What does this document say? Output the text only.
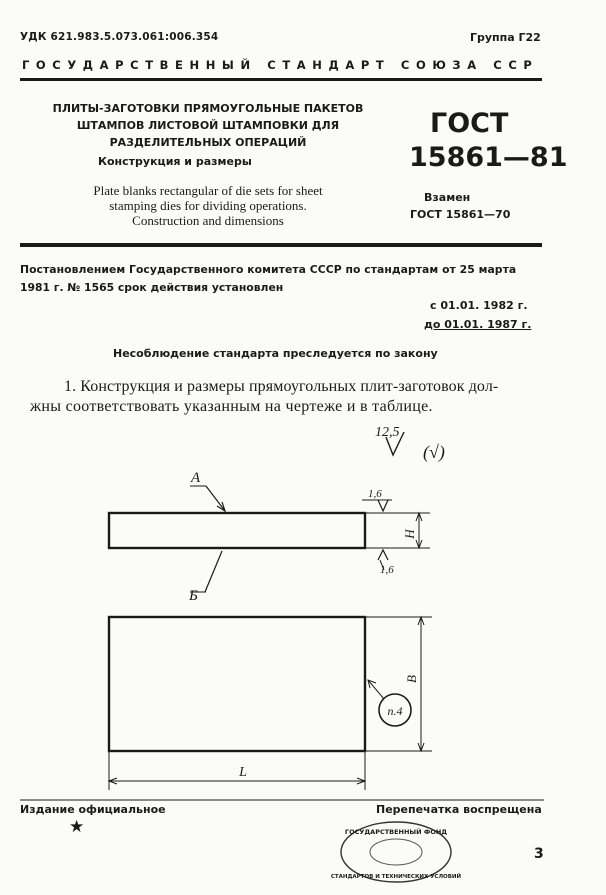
УДК 621.983.5.073.061:006.354	Группа Г22
ГОСУДАРСТВЕННЫЙ СТАНДАРТ СОЮЗА ССР
ПЛИТЫ-ЗАГОТОВКИ ПРЯМОУГОЛЬНЫЕ ПАКЕТОВ
ШТАМПОВ ЛИСТОВОЙ ШТАМПОВКИ ДЛЯ
РАЗДЕЛИТЕЛЬНЫХ ОПЕРАЦИЙ
Конструкция и размеры
Plate blanks rectangular of die sets for sheet
stamping dies for dividing operations.
Construction and dimensions
ГОСТ
15861—81
Взамен
ГОСТ 15861—70
Постановлением Государственного комитета СССР по стандартам от 25 марта
1981 г. № 1565 срок действия установлен
с 01.01. 1982 г.
до 01.01. 1987 г.
Несоблюдение стандарта преследуется по закону
1. Конструкция и размеры прямоугольных плит-заготовок дол-
жны соответствовать указанным на чертеже и в таблице.
12,5
(√)
А
Б
1,6
1,6
H
B
L
п.4
ГОСУДАРСТВЕННЫЙ ФОНД
СТАНДАРТОВ И ТЕХНИЧЕСКИХ УСЛОВИЙ
Издание официальное
★
Перепечатка воспрещена
3
